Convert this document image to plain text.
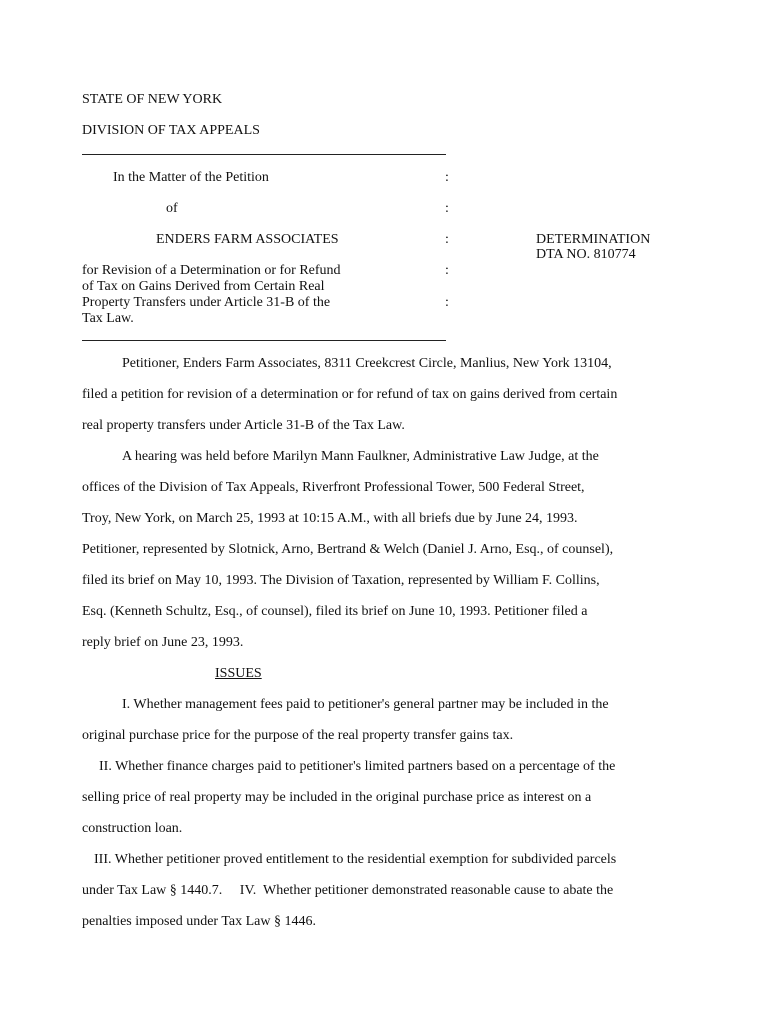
STATE OF NEW YORK
DIVISION OF TAX APPEALS
In the Matter of the Petition	:
of	:
ENDERS FARM ASSOCIATES	:	DETERMINATION
DTA NO. 810774
for Revision of a Determination or for Refund	:
of Tax on Gains Derived from Certain Real
Property Transfers under Article 31-B of the	:
Tax Law.
Petitioner, Enders Farm Associates, 8311 Creekcrest Circle, Manlius, New York 13104,
filed a petition for revision of a determination or for refund of tax on gains derived from certain
real property transfers under Article 31-B of the Tax Law.
A hearing was held before Marilyn Mann Faulkner, Administrative Law Judge, at the
offices of the Division of Tax Appeals, Riverfront Professional Tower, 500 Federal Street,
Troy, New York, on March 25, 1993 at 10:15 A.M., with all briefs due by June 24, 1993.
Petitioner, represented by Slotnick, Arno, Bertrand & Welch (Daniel J. Arno, Esq., of counsel),
filed its brief on May 10, 1993. The Division of Taxation, represented by William F. Collins,
Esq. (Kenneth Schultz, Esq., of counsel), filed its brief on June 10, 1993. Petitioner filed a
reply brief on June 23, 1993.
ISSUES
I. Whether management fees paid to petitioner's general partner may be included in the
original purchase price for the purpose of the real property transfer gains tax.
II. Whether finance charges paid to petitioner's limited partners based on a percentage of the
selling price of real property may be included in the original purchase price as interest on a
construction loan.
III. Whether petitioner proved entitlement to the residential exemption for subdivided parcels
under Tax Law § 1440.7.     IV.  Whether petitioner demonstrated reasonable cause to abate the
penalties imposed under Tax Law § 1446.
